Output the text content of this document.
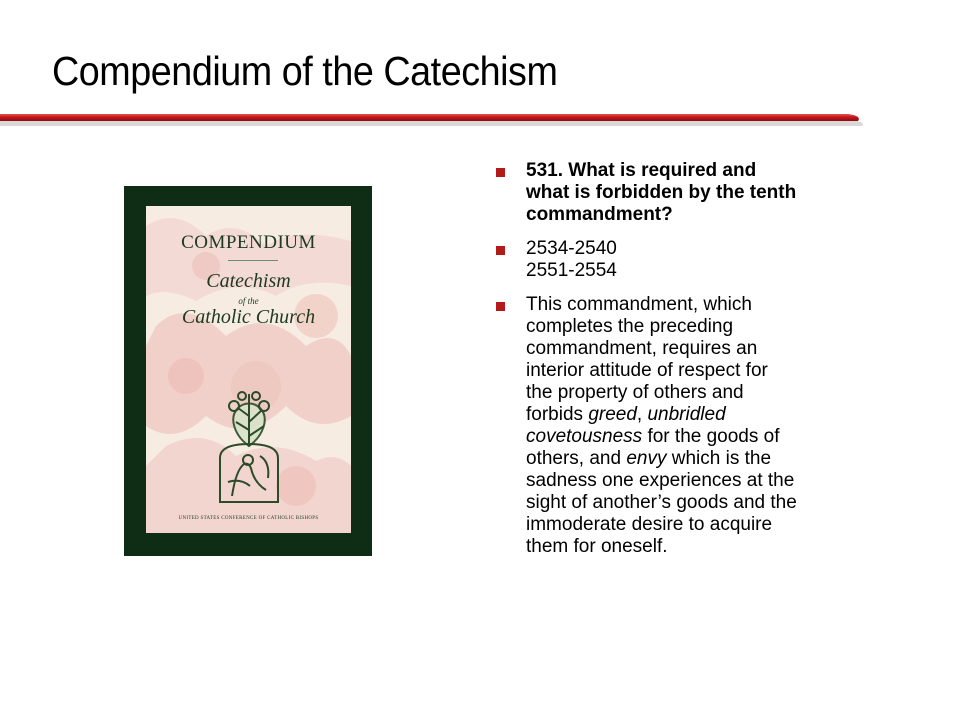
Compendium of the Catechism
COMPENDIUM
Catechism
of the
Catholic Church
UNITED STATES CONFERENCE OF CATHOLIC BISHOPS
531. What is required and
what is forbidden by the tenth
commandment?
2534-2540
2551-2554
This commandment, which
completes the preceding
commandment, requires an
interior attitude of respect for
the property of others and
forbids greed, unbridled
covetousness for the goods of
others, and envy which is the
sadness one experiences at the
sight of another’s goods and the
immoderate desire to acquire
them for oneself.
